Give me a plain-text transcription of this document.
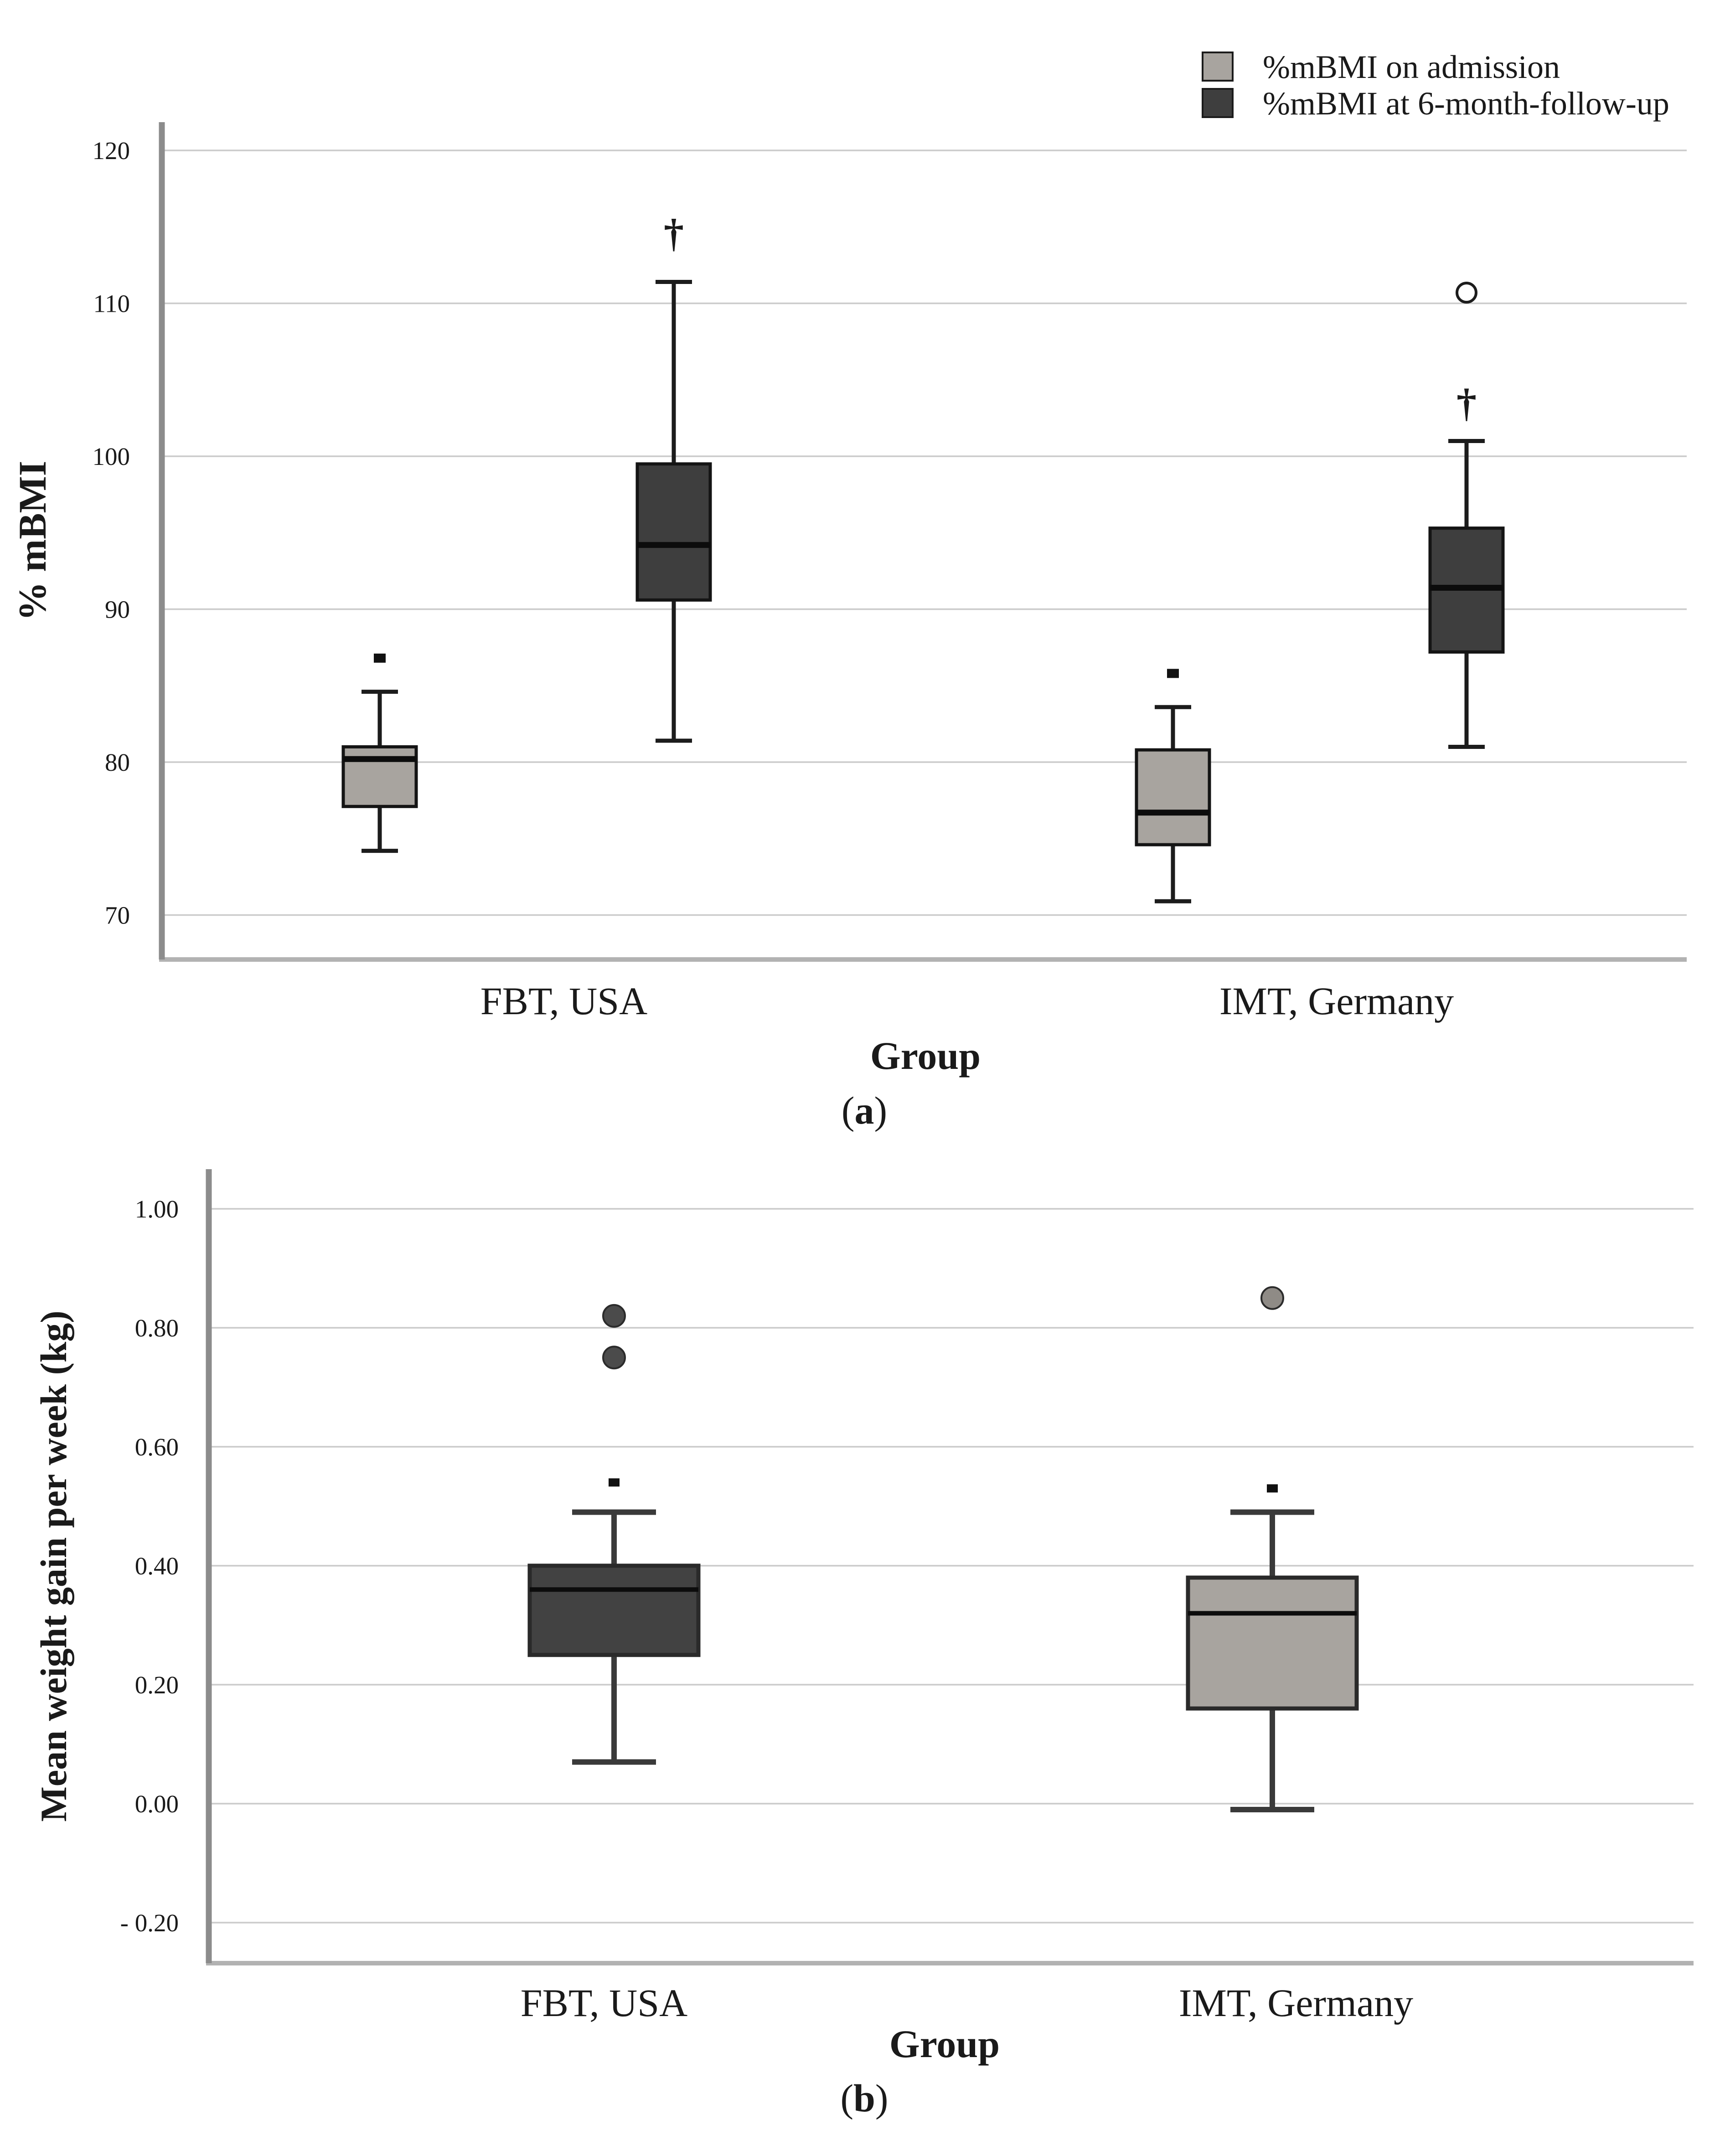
120
110
100
90
80
70
% mBMI
†
†
FBT, USA	IMT, Germany
Group
(a)
%mBMI on admission
%mBMI at 6-month-follow-up
1.00
0.80
0.60
0.40
0.20
0.00
- 0.20
Mean weight gain per week (kg)
FBT, USA	IMT, Germany
Group
(b)
